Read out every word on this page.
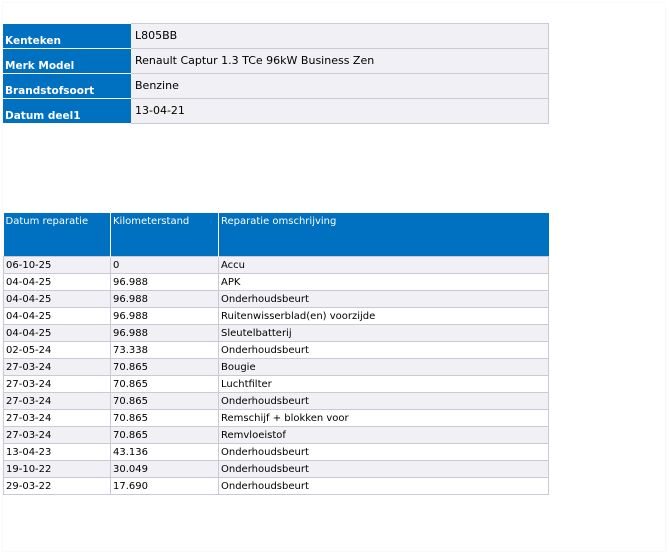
Kenteken	L805BB
Merk Model	Renault Captur 1.3 TCe 96kW Business Zen
Brandstofsoort	Benzine
Datum deel1	13-04-21
Datum reparatie	Kilometerstand	Reparatie omschrijving
06-10-25	0	Accu
04-04-25	96.988	APK
04-04-25	96.988	Onderhoudsbeurt
04-04-25	96.988	Ruitenwisserblad(en) voorzijde
04-04-25	96.988	Sleutelbatterij
02-05-24	73.338	Onderhoudsbeurt
27-03-24	70.865	Bougie
27-03-24	70.865	Luchtfilter
27-03-24	70.865	Onderhoudsbeurt
27-03-24	70.865	Remschijf + blokken voor
27-03-24	70.865	Remvloeistof
13-04-23	43.136	Onderhoudsbeurt
19-10-22	30.049	Onderhoudsbeurt
29-03-22	17.690	Onderhoudsbeurt
